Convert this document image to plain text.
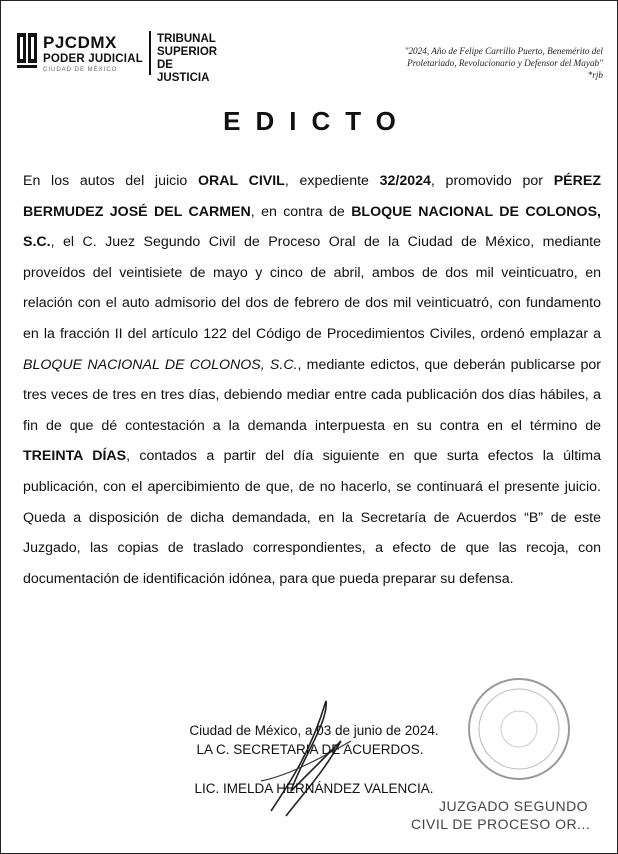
PJCDMX
PODER JUDICIAL
CIUDAD DE MÉXICO
TRIBUNAL
SUPERIOR DE
JUSTICIA
"2024, Año de Felipe Carrillo Puerto, Benemérito del
Proletariado, Revolucionario y Defensor del Mayab"
*rjb
EDICTO

En los autos del juicio ORAL CIVIL, expediente 32/2024, promovido por PÉREZ BERMUDEZ JOSÉ DEL CARMEN, en contra de BLOQUE NACIONAL DE COLONOS, S.C., el C. Juez Segundo Civil de Proceso Oral de la Ciudad de México, mediante proveídos del veintisiete de mayo y cinco de abril, ambos de dos mil veinticuatro, en relación con el auto admisorio del dos de febrero de dos mil veinticuatró, con fundamento en la fracción II del artículo 122 del Código de Procedimientos Civiles, ordenó emplazar a BLOQUE NACIONAL DE COLONOS, S.C., mediante edictos, que deberán publicarse por tres veces de tres en tres días, debiendo mediar entre cada publicación dos días hábiles, a fin de que dé contestación a la demanda interpuesta en su contra en el término de TREINTA DÍAS, contados a partir del día siguiente en que surta efectos la última publicación, con el apercibimiento de que, de no hacerlo, se continuará el presente juicio. Queda a disposición de dicha demandada, en la Secretaría de Acuerdos “B” de este Juzgado, las copias de traslado correspondientes, a efecto de que las recoja, con documentación de identificación idónea, para que pueda preparar su defensa.

Ciudad de México, a 03 de junio de 2024.
LA C. SECRETARIA DE ACUERDOS.
LIC. IMELDA HERNÁNDEZ VALENCIA.
JUZGADO SEGUNDO
CIVIL DE PROCESO OR...
